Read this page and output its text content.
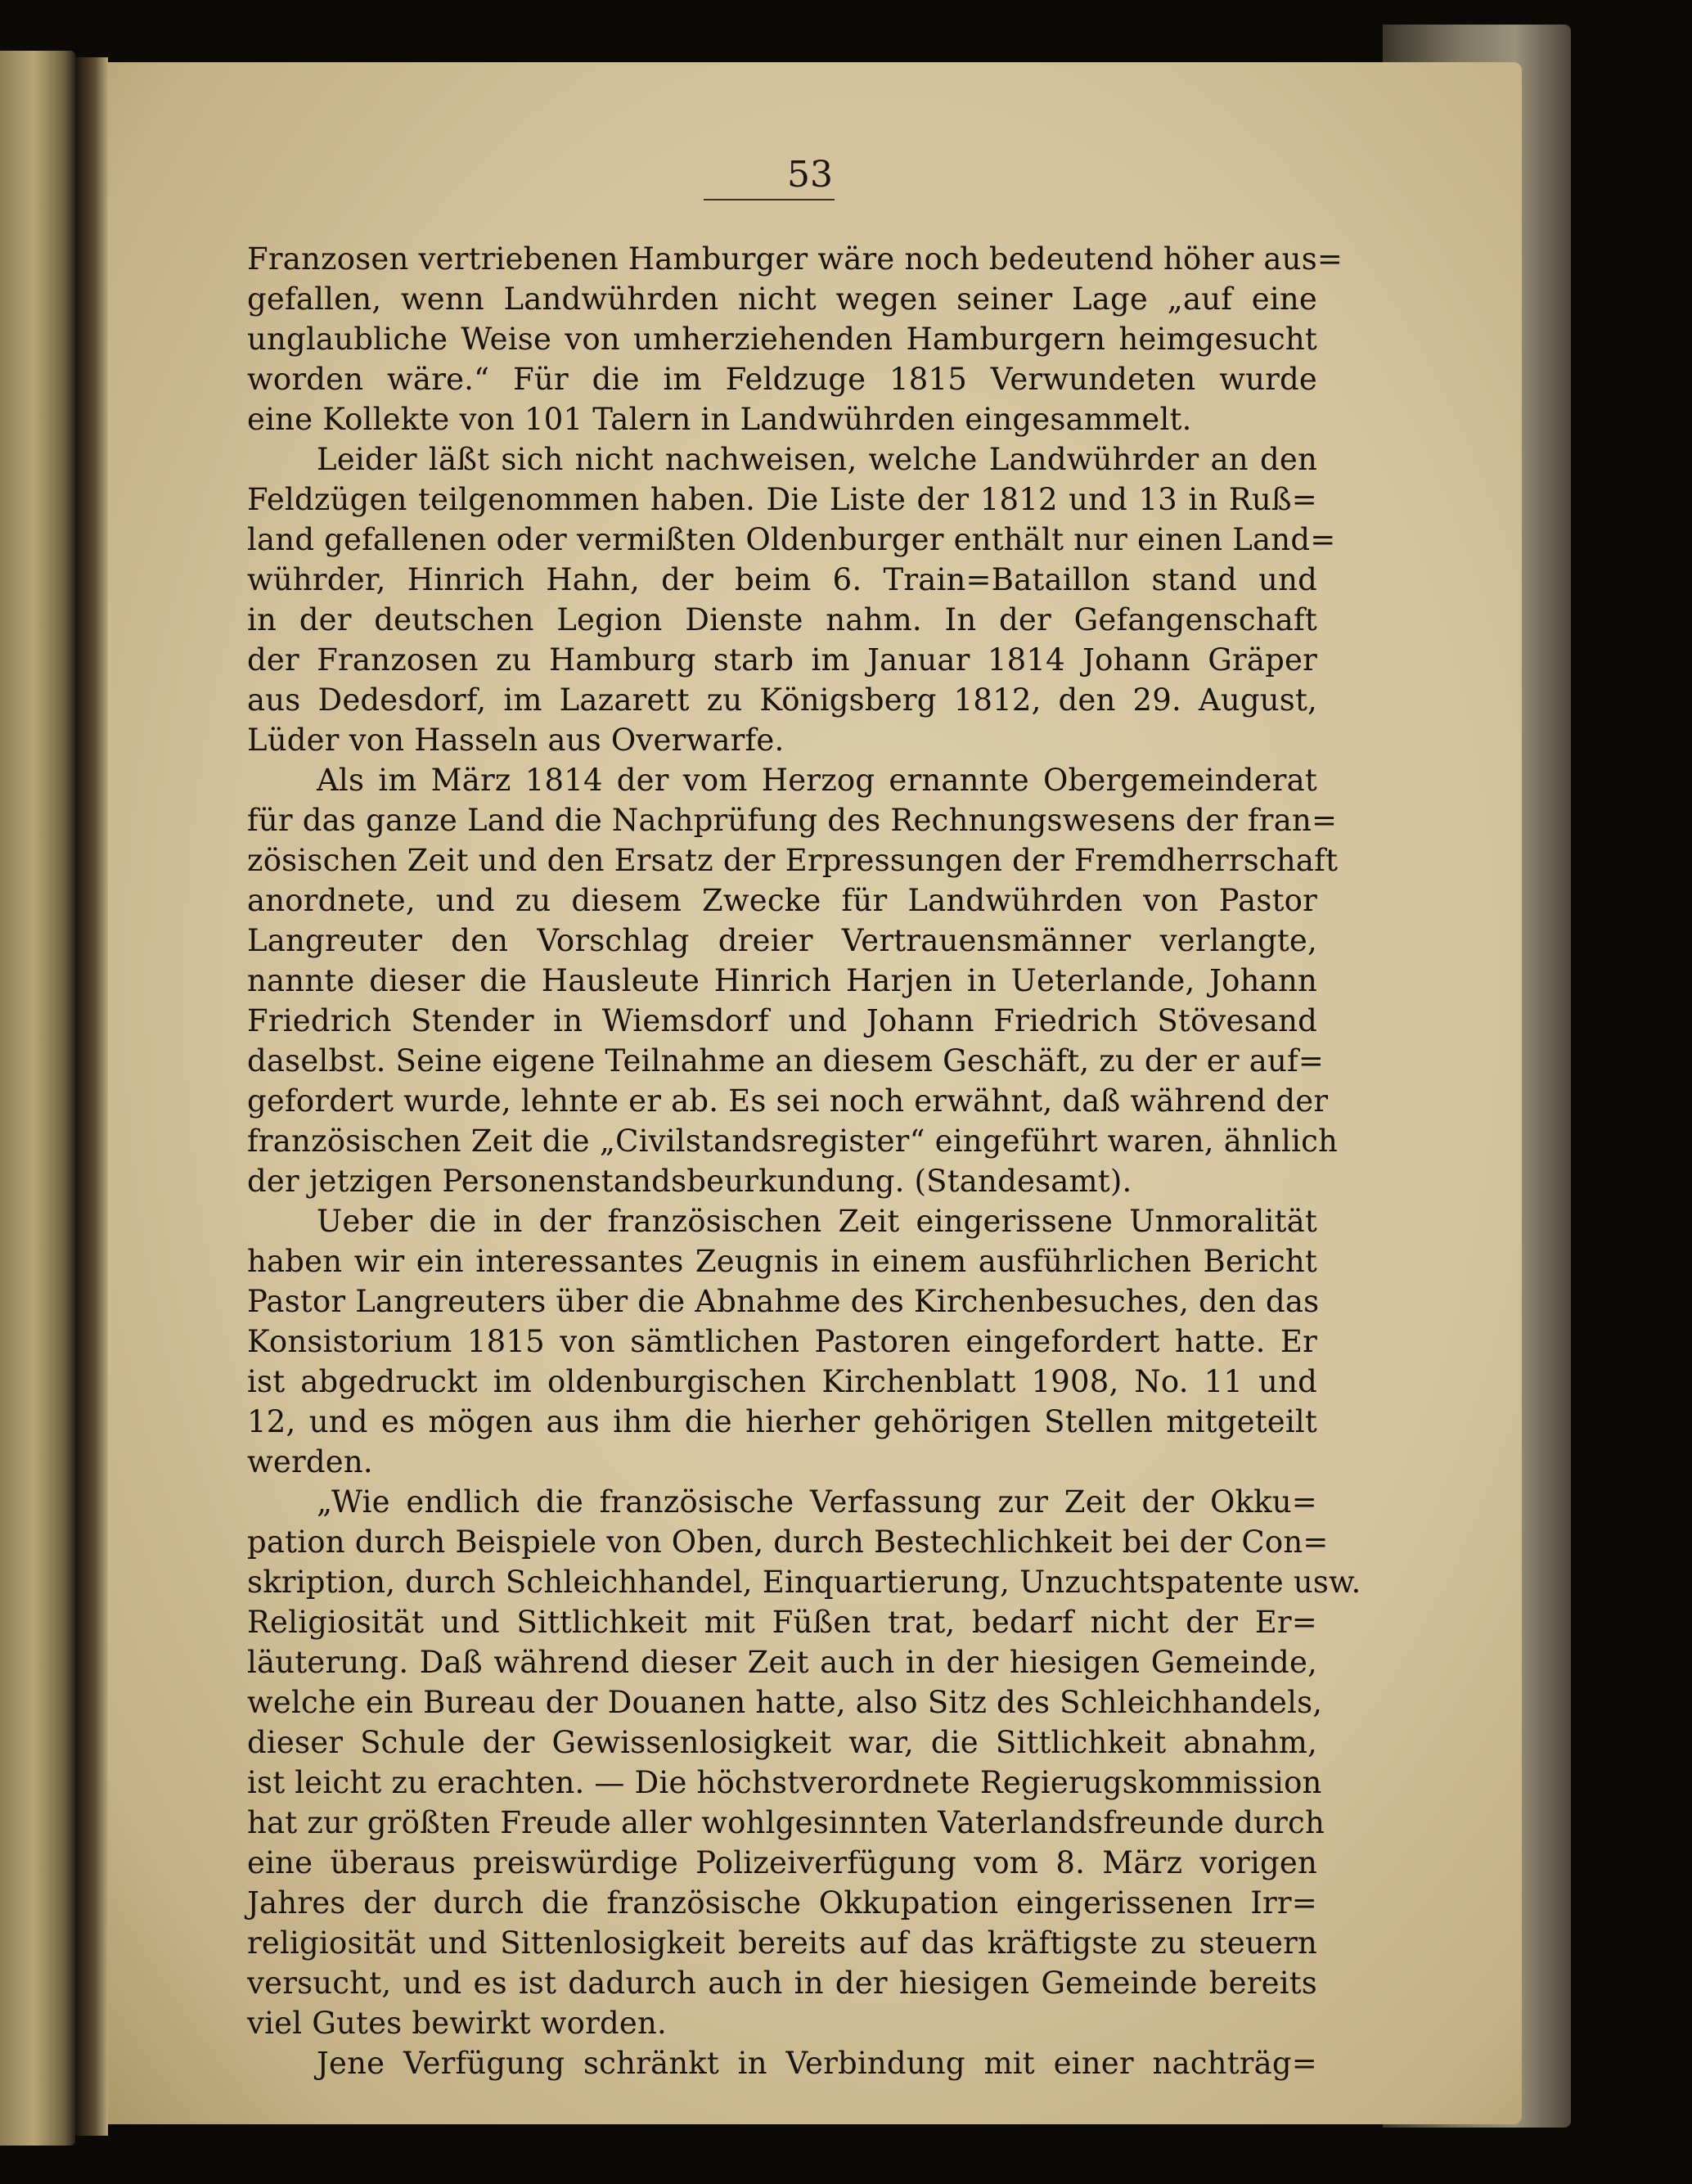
53
Franzosen vertriebenen Hamburger wäre noch bedeutend höher aus=
gefallen, wenn Landwührden nicht wegen seiner Lage „auf eine
unglaubliche Weise von umherziehenden Hamburgern heimgesucht
worden wäre.“ Für die im Feldzuge 1815 Verwundeten wurde
eine Kollekte von 101 Talern in Landwührden eingesammelt.
Leider läßt sich nicht nachweisen, welche Landwührder an den
Feldzügen teilgenommen haben. Die Liste der 1812 und 13 in Ruß=
land gefallenen oder vermißten Oldenburger enthält nur einen Land=
wührder, Hinrich Hahn, der beim 6. Train=Bataillon stand und
in der deutschen Legion Dienste nahm. In der Gefangenschaft
der Franzosen zu Hamburg starb im Januar 1814 Johann Gräper
aus Dedesdorf, im Lazarett zu Königsberg 1812, den 29. August,
Lüder von Hasseln aus Overwarfe.
Als im März 1814 der vom Herzog ernannte Obergemeinderat
für das ganze Land die Nachprüfung des Rechnungswesens der fran=
zösischen Zeit und den Ersatz der Erpressungen der Fremdherrschaft
anordnete, und zu diesem Zwecke für Landwührden von Pastor
Langreuter den Vorschlag dreier Vertrauensmänner verlangte,
nannte dieser die Hausleute Hinrich Harjen in Ueterlande, Johann
Friedrich Stender in Wiemsdorf und Johann Friedrich Stövesand
daselbst. Seine eigene Teilnahme an diesem Geschäft, zu der er auf=
gefordert wurde, lehnte er ab. Es sei noch erwähnt, daß während der
französischen Zeit die „Civilstandsregister“ eingeführt waren, ähnlich
der jetzigen Personenstandsbeurkundung. (Standesamt).
Ueber die in der französischen Zeit eingerissene Unmoralität
haben wir ein interessantes Zeugnis in einem ausführlichen Bericht
Pastor Langreuters über die Abnahme des Kirchenbesuches, den das
Konsistorium 1815 von sämtlichen Pastoren eingefordert hatte. Er
ist abgedruckt im oldenburgischen Kirchenblatt 1908, No. 11 und
12, und es mögen aus ihm die hierher gehörigen Stellen mitgeteilt
werden.
„Wie endlich die französische Verfassung zur Zeit der Okku=
pation durch Beispiele von Oben, durch Bestechlichkeit bei der Con=
skription, durch Schleichhandel, Einquartierung, Unzuchtspatente usw.
Religiosität und Sittlichkeit mit Füßen trat, bedarf nicht der Er=
läuterung. Daß während dieser Zeit auch in der hiesigen Gemeinde,
welche ein Bureau der Douanen hatte, also Sitz des Schleichhandels,
dieser Schule der Gewissenlosigkeit war, die Sittlichkeit abnahm,
ist leicht zu erachten. — Die höchstverordnete Regierugskommission
hat zur größten Freude aller wohlgesinnten Vaterlandsfreunde durch
eine überaus preiswürdige Polizeiverfügung vom 8. März vorigen
Jahres der durch die französische Okkupation eingerissenen Irr=
religiosität und Sittenlosigkeit bereits auf das kräftigste zu steuern
versucht, und es ist dadurch auch in der hiesigen Gemeinde bereits
viel Gutes bewirkt worden.
Jene Verfügung schränkt in Verbindung mit einer nachträg=
